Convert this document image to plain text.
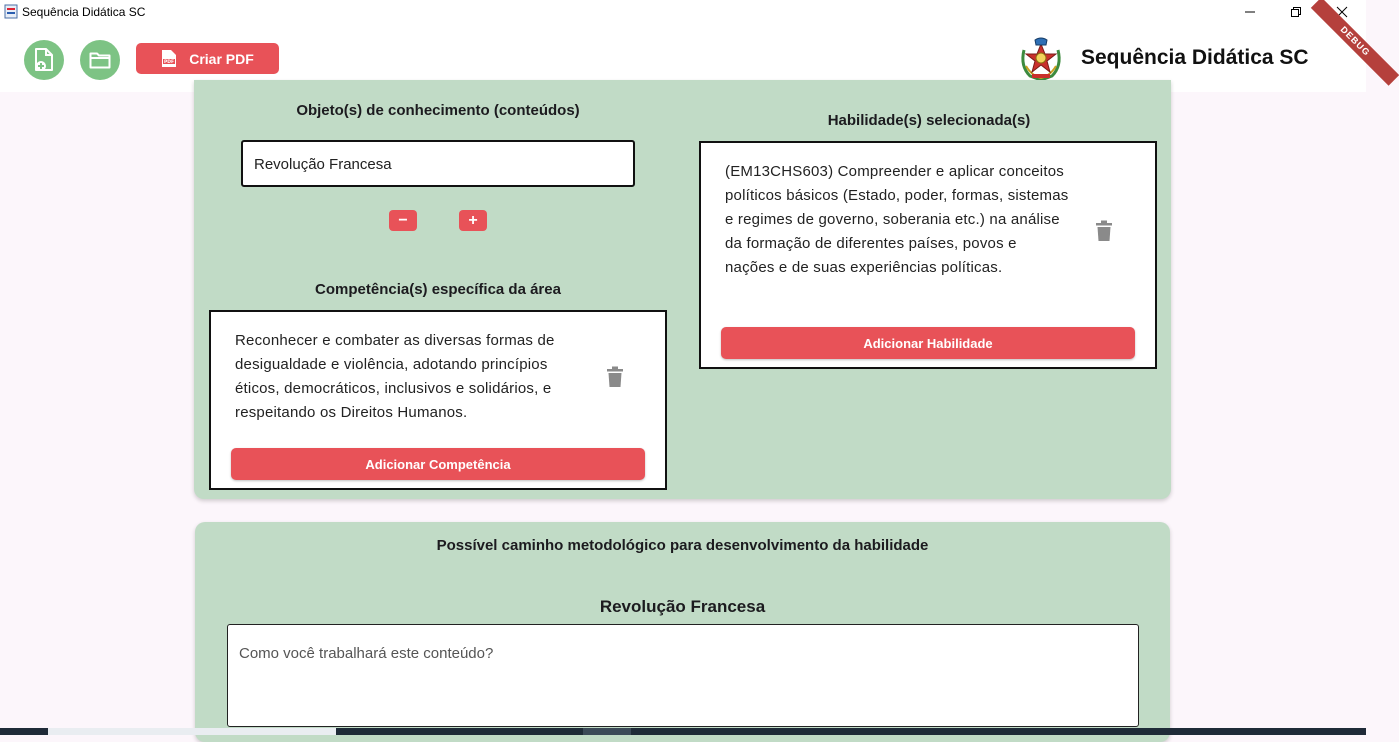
Sequência Didática SC
PDF Criar PDF	Sequência Didática SC	DEBUG
Objeto(s) de conhecimento (conteúdos)
Revolução Francesa
−	+
Competência(s) específica da área
Reconhecer e combater as diversas formas de desigualdade e violência, adotando princípios éticos, democráticos, inclusivos e solidários, e respeitando os Direitos Humanos.
Adicionar Competência
Habilidade(s) selecionada(s)
(EM13CHS603) Compreender e aplicar conceitos políticos básicos (Estado, poder, formas, sistemas e regimes de governo, soberania etc.) na análise da formação de diferentes países, povos e nações e de suas experiências políticas.
Adicionar Habilidade
Possível caminho metodológico para desenvolvimento da habilidade
Revolução Francesa
Como você trabalhará este conteúdo?
